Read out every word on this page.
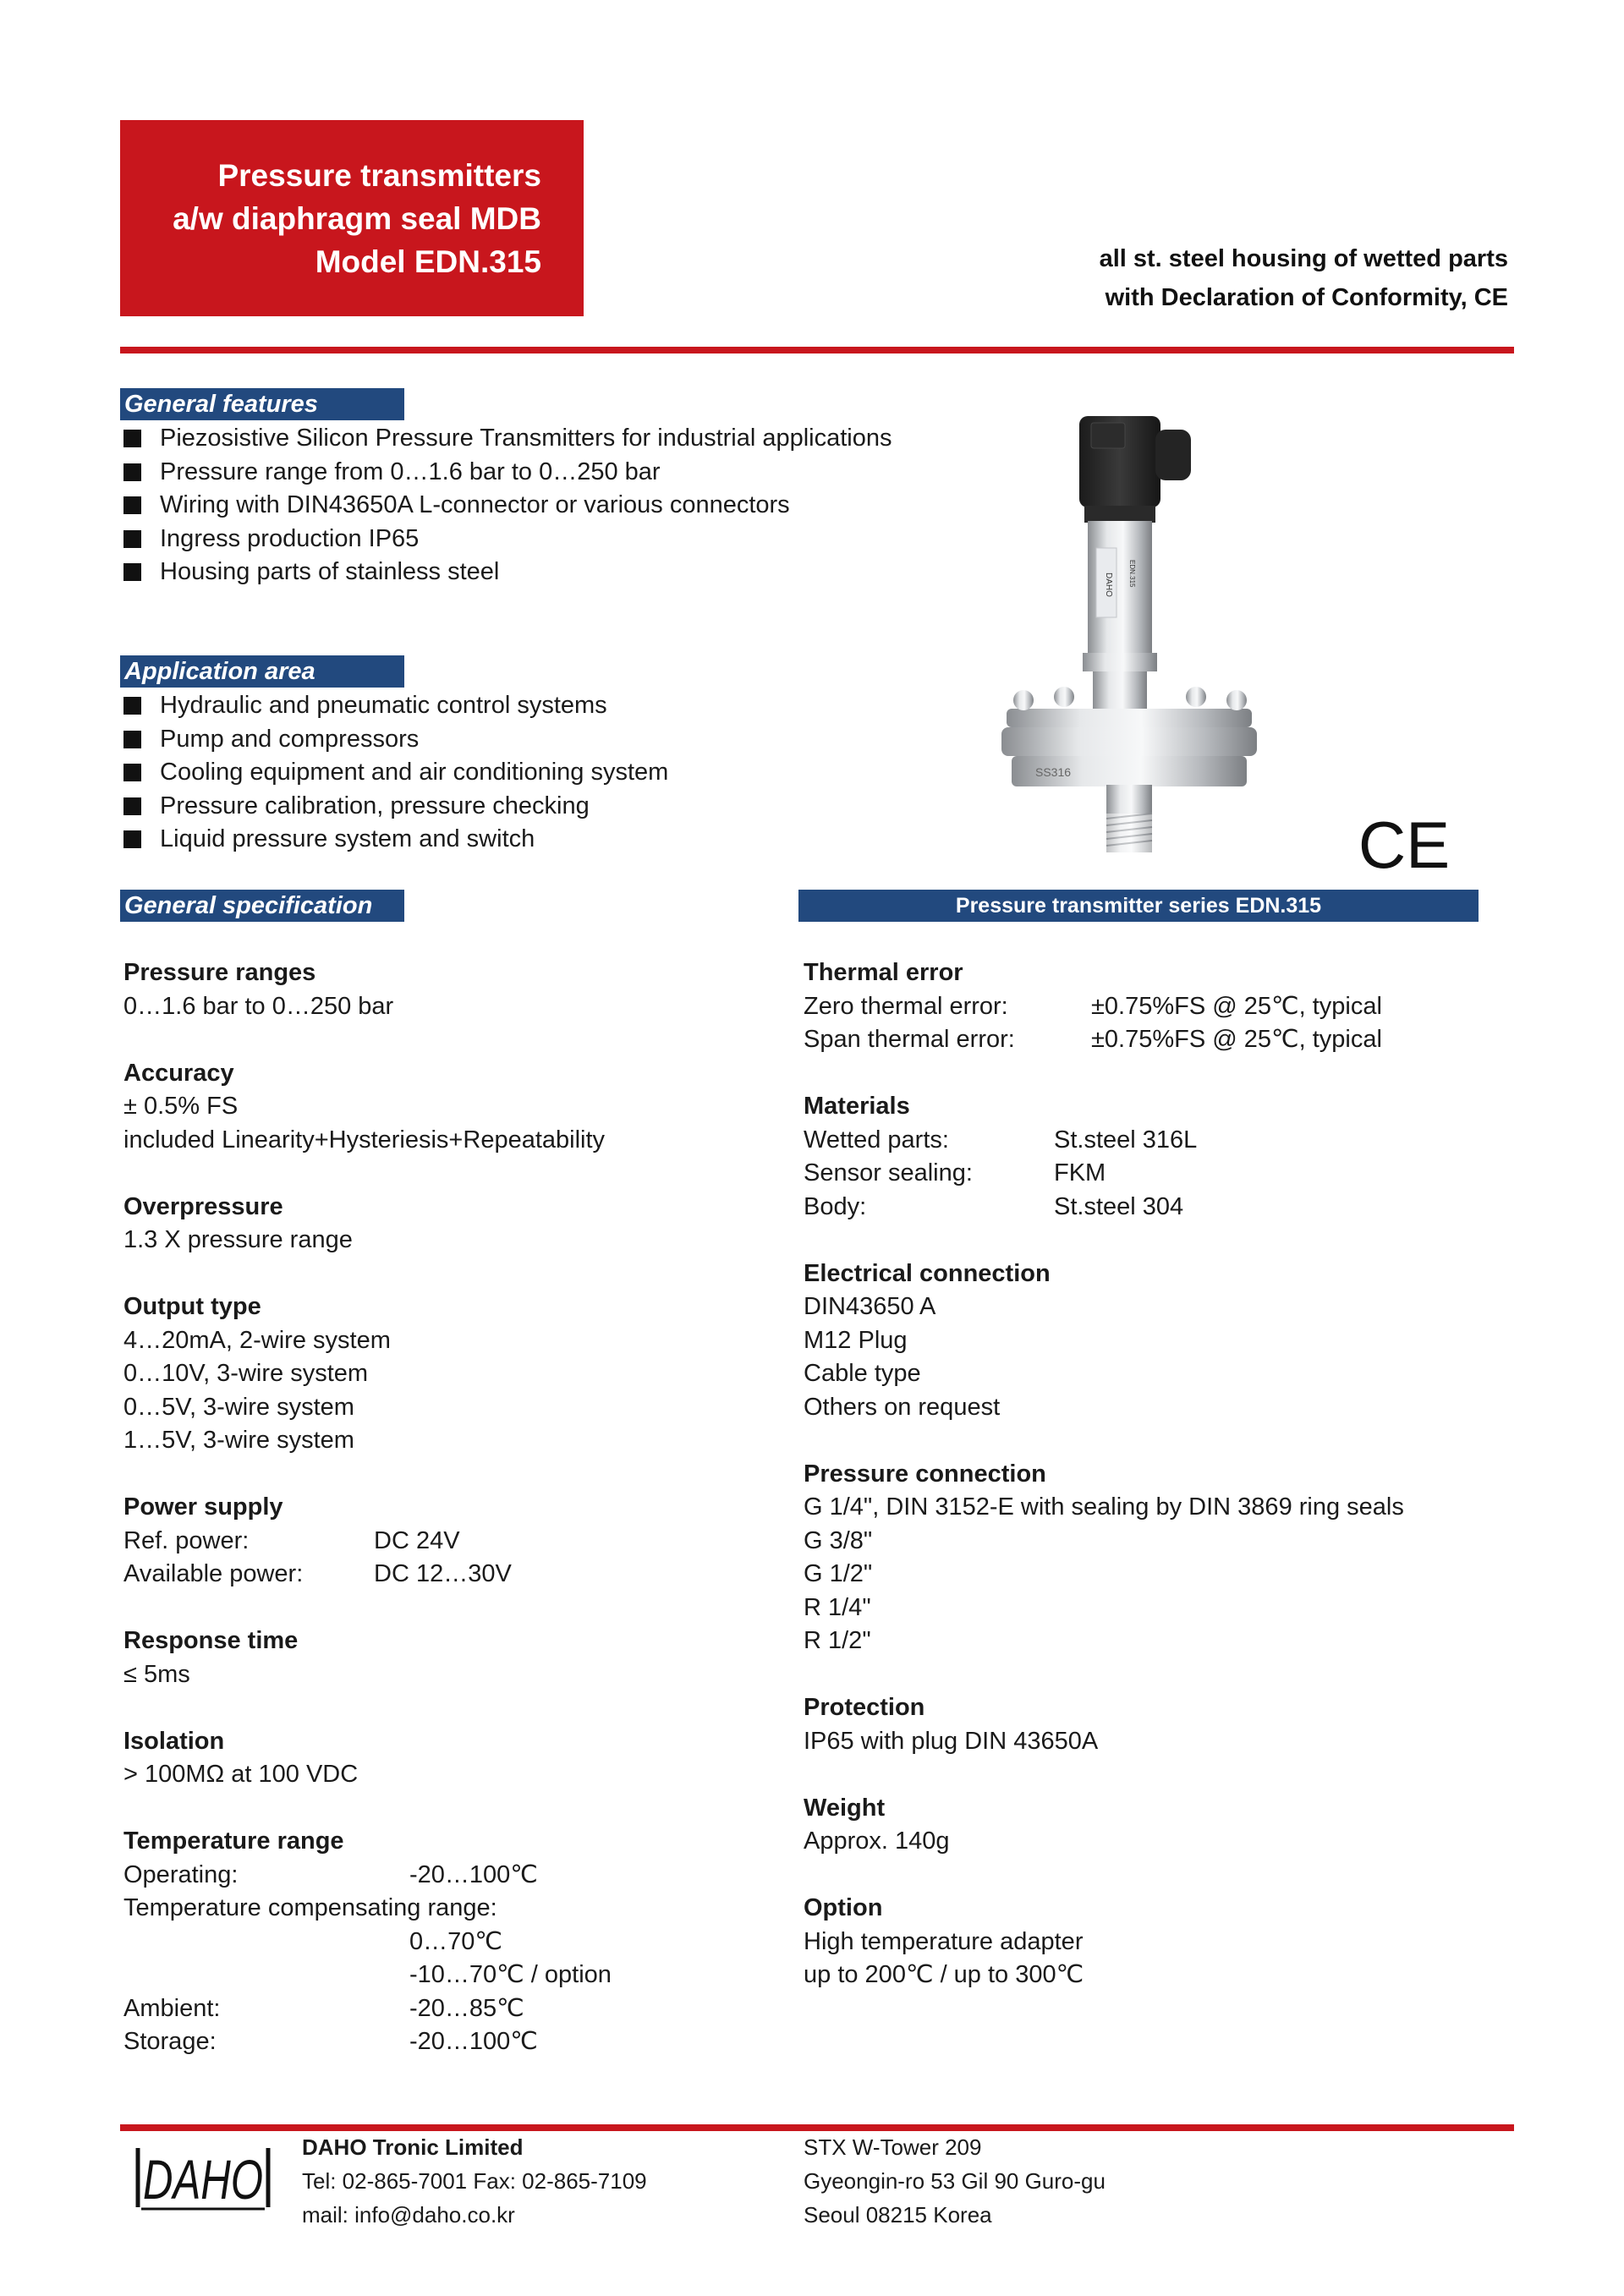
Pressure transmitters
a/w diaphragm seal MDB
Model EDN.315	all st. steel housing of wetted parts
with Declaration of Conformity, CE
General features
Piezosistive Silicon Pressure Transmitters for industrial applications
Pressure range from 0…1.6 bar to 0…250 bar
Wiring with DIN43650A L-connector or various connectors
Ingress production IP65
Housing parts of stainless steel
Application area
Hydraulic and pneumatic control systems
Pump and compressors
Cooling equipment and air conditioning system
Pressure calibration, pressure checking
Liquid pressure system and switch
DAHO EDN.315
SS316
CE
General specification	Pressure transmitter series EDN.315
Pressure ranges
0…1.6 bar to 0…250 bar
Accuracy
± 0.5% FS
included Linearity+Hysteriesis+Repeatability
Overpressure
1.3 X pressure range
Output type
4…20mA, 2-wire system
0…10V, 3-wire system
0…5V, 3-wire system
1…5V, 3-wire system
Power supply
Ref. power:	DC 24V
Available power:	DC 12…30V
Response time
≤ 5ms
Isolation
> 100MΩ at 100 VDC
Temperature range
Operating:	-20…100℃
Temperature compensating range:
0…70℃
-10…70℃ / option
Ambient:	-20…85℃
Storage:	-20…100℃
Thermal error
Zero thermal error:	±0.75%FS @ 25℃, typical
Span thermal error:	±0.75%FS @ 25℃, typical
Materials
Wetted parts:	St.steel 316L
Sensor sealing:	FKM
Body:	St.steel 304
Electrical connection
DIN43650 A
M12 Plug
Cable type
Others on request
Pressure connection
G 1/4", DIN 3152-E with sealing by DIN 3869 ring seals
G 3/8"
G 1/2"
R 1/4"
R 1/2"
Protection
IP65 with plug DIN 43650A
Weight
Approx. 140g
Option
High temperature adapter
up to 200℃ / up to 300℃
DAHO
DAHO Tronic Limited
Tel: 02-865-7001 Fax: 02-865-7109
mail: info@daho.co.kr
STX W-Tower 209
Gyeongin-ro 53 Gil 90 Guro-gu
Seoul 08215 Korea
